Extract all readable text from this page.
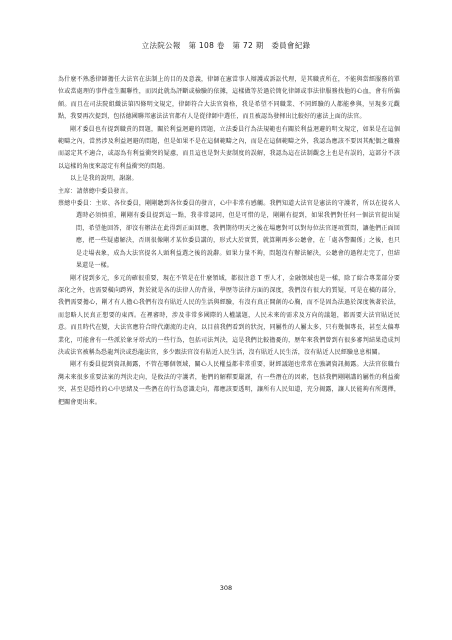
立法院公報　第 108 卷　第 72 期　委員會紀錄

為什麼不熟悉律師擔任大法官在法制上的目的及意義，律師在憲當事人辯護或訴訟代理，是其職責所在，不能與當經服務的單位或當處理的事件產生關聯性，而因此就為評斷或檢驗的依據，這樣做等於過於簡化律師或事法律服務找他的心血，會有所偏頗。而且在司法院組織法第四條明文規定，律師符合大法官資格，我是希望不同職業、不同經驗的人都能參與，呈現多元觀點，我要再次提到，包括德國聯邦憲法法官都有人是從律師中選任，而且被認為發揮出比較好的憲法上面的法官。

剛才委員也有提到職責的問題，關於利益迴避的問題，立法委員行為法規範也有關於利益迴避的明文規定，如果是在這個範疇之內，當然涉及利益迴避的問題，但是如果不是在這個範疇之內，而是在這個範疇之外，我認為應該不要因其配偶之職務而認定其不適合，或認為有利益衝突的疑慮，而且這也是對夫妻制度的誤解，我認為這在法制觀念上也是有誤的，這部分不該以這樣的角度來認定有利益衝突的問題。

以上是我的說明，謝謝。

主席：請蔡總中委員發言。

蔡總中委員：主席、各位委員，剛剛聽到各位委員的發言，心中非常有感觸。我們知道大法官是憲法的守護者，所以在提名人選時必須慎重，剛剛有委員提到這一點，我非常認同，但是可惜的是，剛剛有提到，如果我們對任何一個法官提出疑問，希望他回答，卻沒有辦法在此得到正面回應，我們期待明天之後在場應對可以對每位法官逐項質問，讓他們正面回應，把一些疑慮解決，否則很像剛才某位委員講的，形式大於實質，就算剛再多公聽會，在「處各警關係」之後，也只是走場表象，成為大法官提名人頭利益選之後的說辭。如果力量不夠，問題沒有辦法解決，公聽會的過程走完了，但結果還是一樣。

剛才提到多元，多元的確很重要，現在不管是在什麼領域，都很注意 T 型人才，金融領域也是一樣，除了綜合專業部分要深化之外，也需要橫向跨界，對於就是各的法律人的背景，學歷等法律方面的深度，我們沒有很大的質疑，可是在橫的部分，我們需要擔心，剛才有人擔心我們有沒有貼近人民的生活與經驗，有沒有真正開創的心胸，而不是固為法過於深度執著於法，而忽略人民真正想要的東西。在裡審時，涉及非常多國際的人權議題，人民未來的需求及方向的議題，都需要大法官貼近民意。而且時代在變，大法官應符合時代潮流的走向，以目前我們看到的狀況，同屬性的人屬太多，只有幾個專長，甚至太偏專業化，可能會有一些派於象牙塔式的一些行為，包括司法判決，這是我們比較擔憂的，歷年來我們曾到有很多審判結果造成判決或法官被稱為恐龍判決或恐龍法官，多少跟法官沒有貼近人民生活，沒有貼近人民生活，沒有貼近人民經驗息息相關。

剛才有委員提到資訊揭露，不管在哪個領域，關心人民權益都非常重要，財經議題也常常在強調資訊揭露。大法官依職台灣未來很多重要法案的判決走向，是攸法的守護者，他們的解釋要嚴謹，有一些潛在的因素，包括我們剛剛講的屬性的利益衝突，甚至是隱性的心中思緒及一些潛在的行為意識走向，都應該要透明，讓所有人民知道，充分揭露，讓人民能夠有所選擇，把關會更出來。

308
